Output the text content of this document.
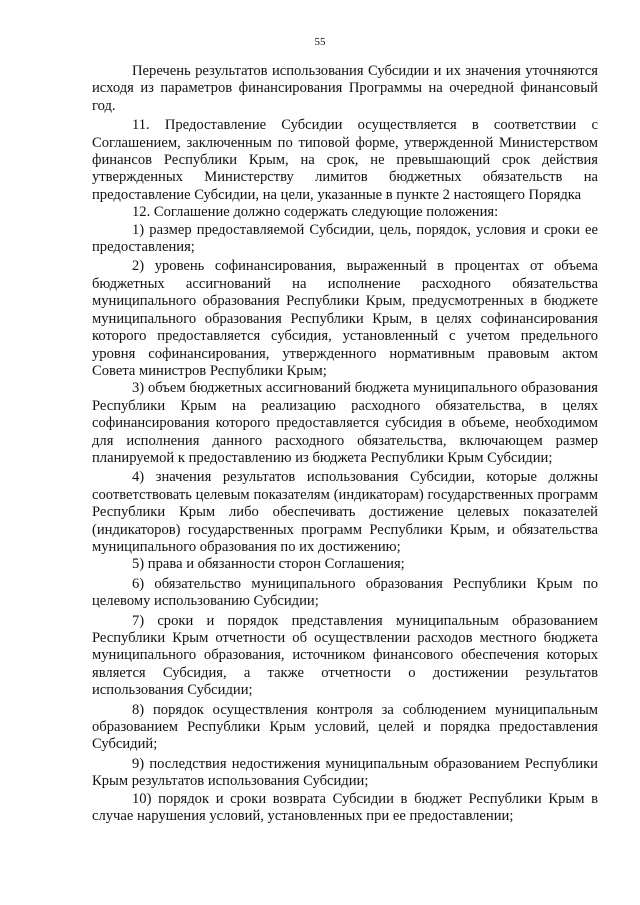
55

Перечень результатов использования Субсидии и их значения уточняются исходя из параметров финансирования Программы на очередной финансовый год.

11. Предоставление Субсидии осуществляется в соответствии с Соглашением, заключенным по типовой форме, утвержденной Министерством финансов Республики Крым, на срок, не превышающий срок действия утвержденных Министерству лимитов бюджетных обязательств на предоставление Субсидии, на цели, указанные в пункте 2 настоящего Порядка

12. Соглашение должно содержать следующие положения:

1) размер предоставляемой Субсидии, цель, порядок, условия и сроки ее предоставления;

2) уровень софинансирования, выраженный в процентах от объема бюджетных ассигнований на исполнение расходного обязательства муниципального образования Республики Крым, предусмотренных в бюджете муниципального образования Республики Крым, в целях софинансирования которого предоставляется субсидия, установленный с учетом предельного уровня софинансирования, утвержденного нормативным правовым актом Совета министров Республики Крым;

3) объем бюджетных ассигнований бюджета муниципального образования Республики Крым на реализацию расходного обязательства, в целях софинансирования которого предоставляется субсидия в объеме, необходимом для исполнения данного расходного обязательства, включающем размер планируемой к предоставлению из бюджета Республики Крым Субсидии;

4) значения результатов использования Субсидии, которые должны соответствовать целевым показателям (индикаторам) государственных программ Республики Крым либо обеспечивать достижение целевых показателей (индикаторов) государственных программ Республики Крым, и обязательства муниципального образования по их достижению;

5) права и обязанности сторон Соглашения;

6) обязательство муниципального образования Республики Крым по целевому использованию Субсидии;

7) сроки и порядок представления муниципальным образованием Республики Крым отчетности об осуществлении расходов местного бюджета муниципального образования, источником финансового обеспечения которых является Субсидия, а также отчетности о достижении результатов использования Субсидии;

8) порядок осуществления контроля за соблюдением муниципальным образованием Республики Крым условий, целей и порядка предоставления Субсидий;

9) последствия недостижения муниципальным образованием Республики Крым результатов использования Субсидии;

10) порядок и сроки возврата Субсидии в бюджет Республики Крым в случае нарушения условий, установленных при ее предоставлении;
